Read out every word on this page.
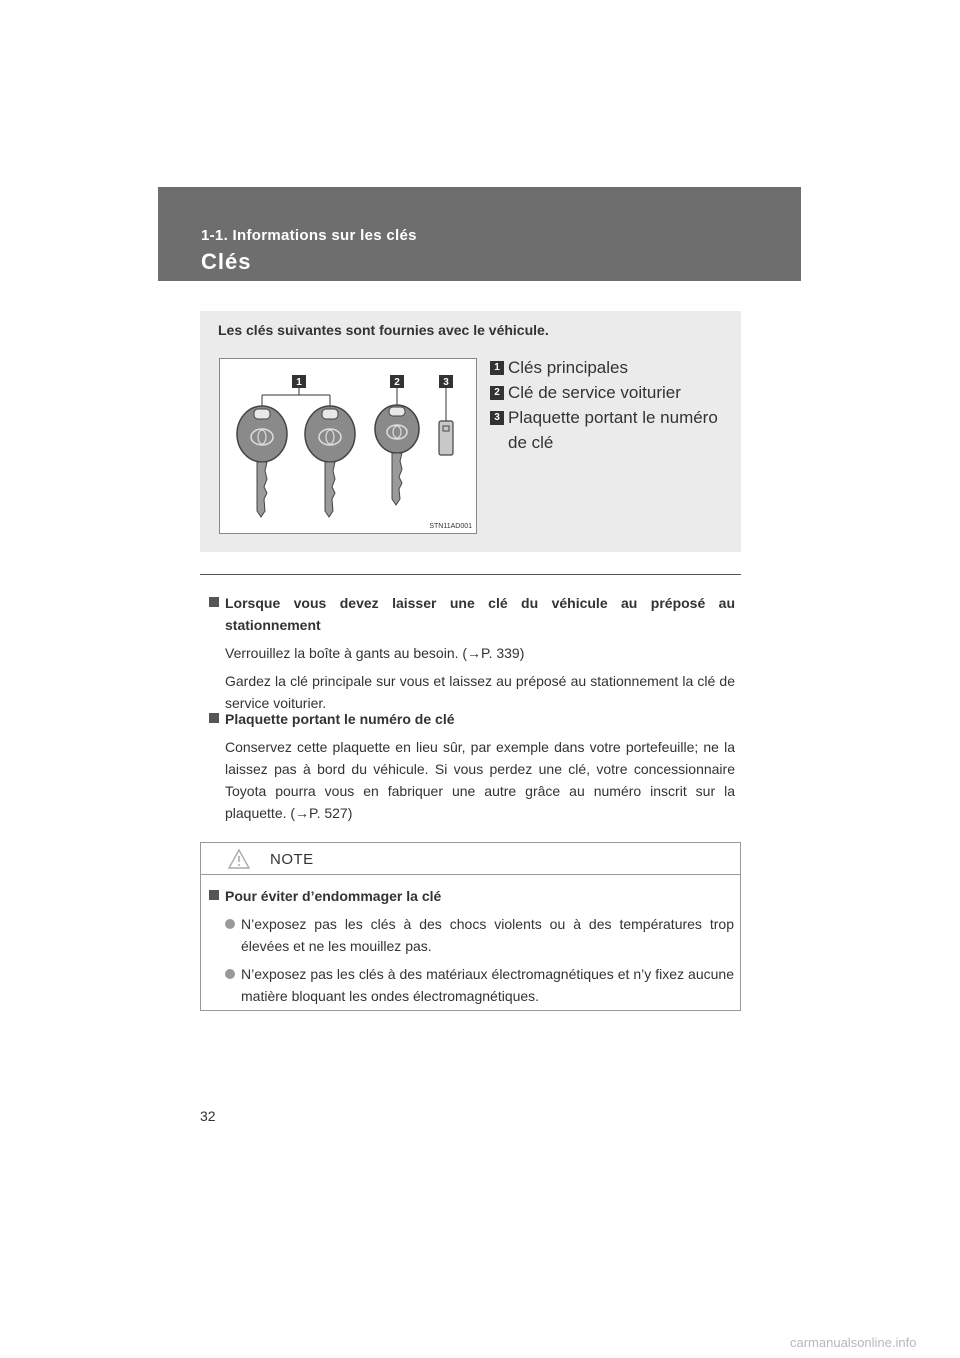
1-1. Informations sur les clés
Clés
Les clés suivantes sont fournies avec le véhicule.
1	2	3
STN11AD001
1 Clés principales
2 Clé de service voiturier
3 Plaquette portant le numéro de clé
Lorsque vous devez laisser une clé du véhicule au préposé au stationnement
Verrouillez la boîte à gants au besoin. (→P. 339)
Gardez la clé principale sur vous et laissez au préposé au stationnement la clé de service voiturier.
Plaquette portant le numéro de clé
Conservez cette plaquette en lieu sûr, par exemple dans votre portefeuille; ne la laissez pas à bord du véhicule. Si vous perdez une clé, votre concessionnaire Toyota pourra vous en fabriquer une autre grâce au numéro inscrit sur la plaquette. (→P. 527)
NOTE
Pour éviter d’endommager la clé
N’exposez pas les clés à des chocs violents ou à des températures trop élevées et ne les mouillez pas.
N’exposez pas les clés à des matériaux électromagnétiques et n’y fixez aucune matière bloquant les ondes électromagnétiques.
32
carmanualsonline.info
